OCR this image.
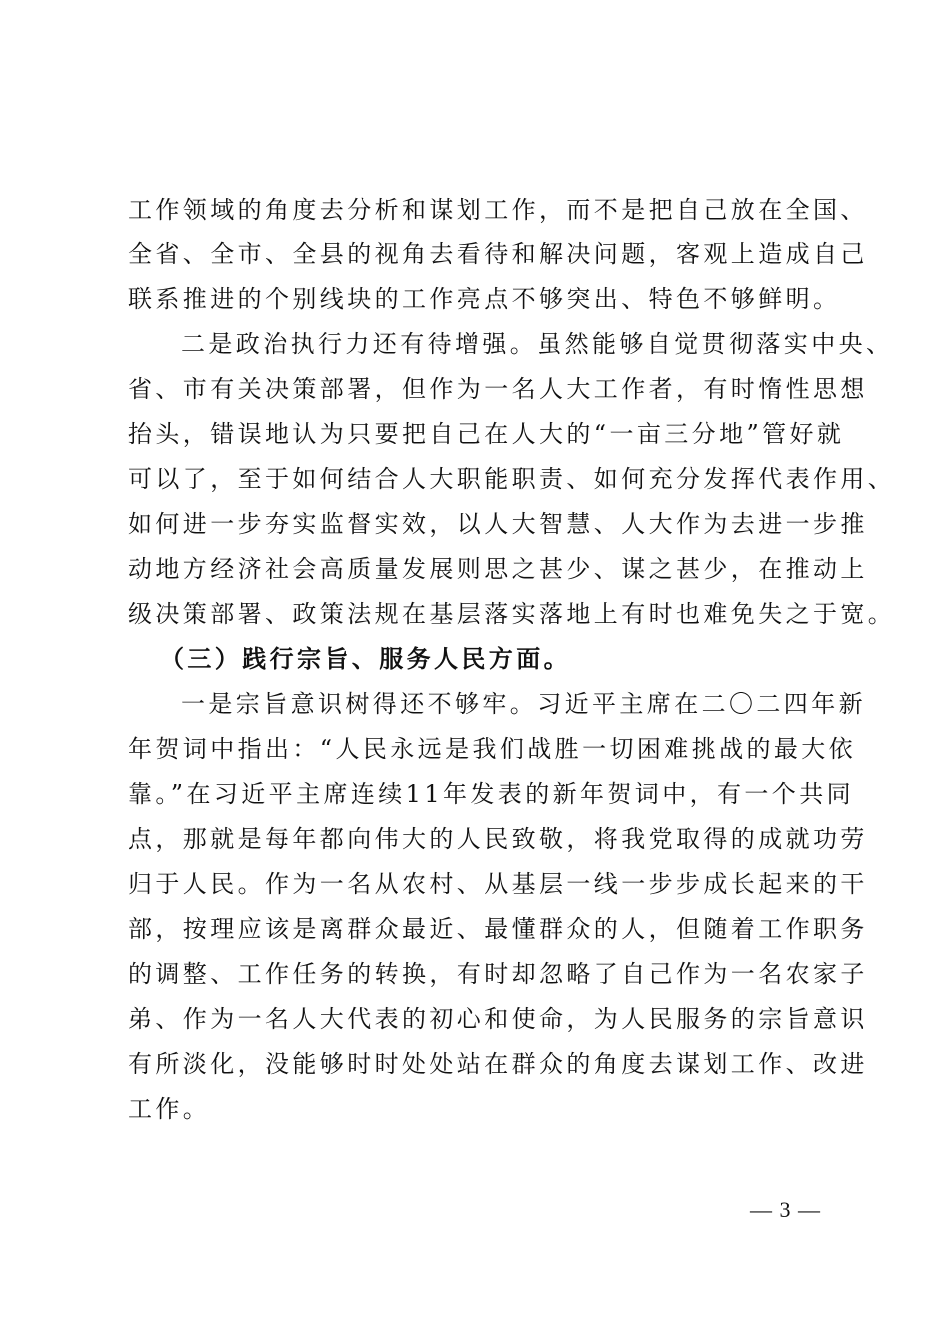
工作领域的角度去分析和谋划工作，而不是把自己放在全国、
全省、全市、全县的视角去看待和解决问题，客观上造成自己
联系推进的个别线块的工作亮点不够突出、特色不够鲜明。
二是政治执行力还有待增强。虽然能够自觉贯彻落实中央、
省、市有关决策部署，但作为一名人大工作者，有时惰性思想
抬头，错误地认为只要把自己在人大的“一亩三分地”管好就
可以了，至于如何结合人大职能职责、如何充分发挥代表作用、
如何进一步夯实监督实效，以人大智慧、人大作为去进一步推
动地方经济社会高质量发展则思之甚少、谋之甚少，在推动上
级决策部署、政策法规在基层落实落地上有时也难免失之于宽。
（三）践行宗旨、服务人民方面。
一是宗旨意识树得还不够牢。习近平主席在二〇二四年新
年贺词中指出：“人民永远是我们战胜一切困难挑战的最大依
靠。”在习近平主席连续11年发表的新年贺词中，有一个共同
点，那就是每年都向伟大的人民致敬，将我党取得的成就功劳
归于人民。作为一名从农村、从基层一线一步步成长起来的干
部，按理应该是离群众最近、最懂群众的人，但随着工作职务
的调整、工作任务的转换，有时却忽略了自己作为一名农家子
弟、作为一名人大代表的初心和使命，为人民服务的宗旨意识
有所淡化，没能够时时处处站在群众的角度去谋划工作、改进
工作。
— 3 —
